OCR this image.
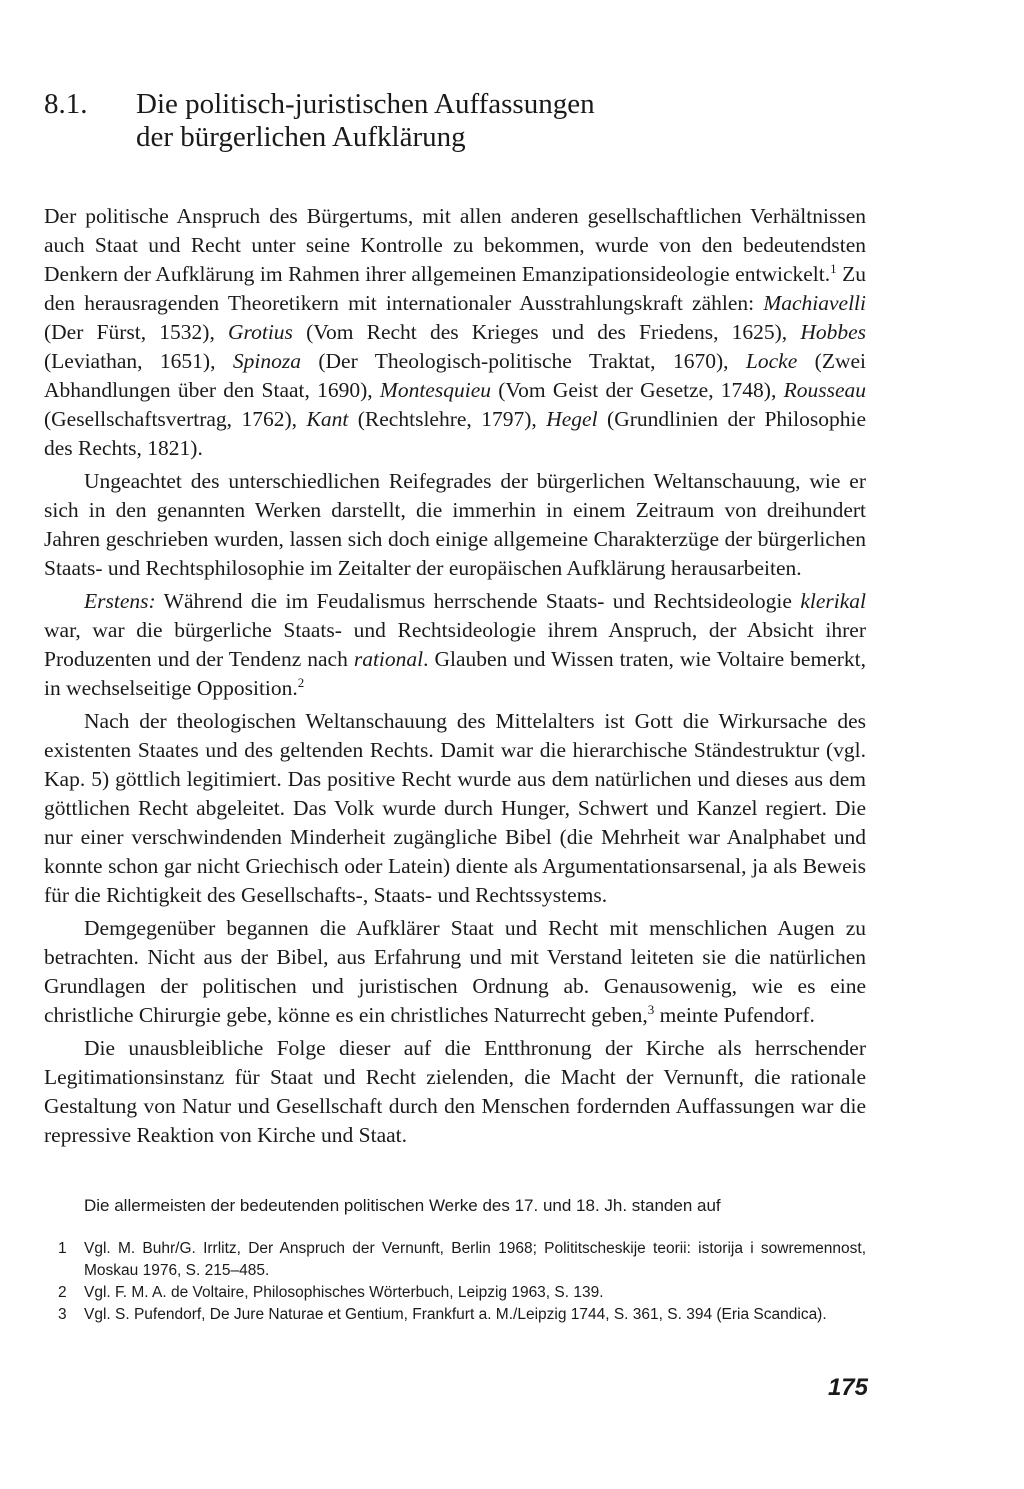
8.1.	Die politisch-juristischen Auffassungen
der bürgerlichen Aufklärung

Der politische Anspruch des Bürgertums, mit allen anderen gesellschaftlichen Verhältnissen auch Staat und Recht unter seine Kontrolle zu bekommen, wurde von den bedeutendsten Denkern der Aufklärung im Rahmen ihrer allgemeinen Emanzipationsideologie entwickelt.$^1$ Zu den herausragenden Theoretikern mit internationaler Ausstrahlungskraft zählen: Machiavelli (Der Fürst, 1532), Grotius (Vom Recht des Krieges und des Friedens, 1625), Hobbes (Leviathan, 1651), Spinoza (Der Theologisch-politische Traktat, 1670), Locke (Zwei Abhandlungen über den Staat, 1690), Montesquieu (Vom Geist der Gesetze, 1748), Rousseau (Gesellschaftsvertrag, 1762), Kant (Rechtslehre, 1797), Hegel (Grundlinien der Philosophie des Rechts, 1821).

Ungeachtet des unterschiedlichen Reifegrades der bürgerlichen Weltanschauung, wie er sich in den genannten Werken darstellt, die immerhin in einem Zeitraum von dreihundert Jahren geschrieben wurden, lassen sich doch einige allgemeine Charakterzüge der bürgerlichen Staats- und Rechtsphilosophie im Zeitalter der europäischen Aufklärung herausarbeiten.

Erstens: Während die im Feudalismus herrschende Staats- und Rechtsideologie klerikal war, war die bürgerliche Staats- und Rechtsideologie ihrem Anspruch, der Absicht ihrer Produzenten und der Tendenz nach rational. Glauben und Wissen traten, wie Voltaire bemerkt, in wechselseitige Opposition.$^2$

Nach der theologischen Weltanschauung des Mittelalters ist Gott die Wirkursache des existenten Staates und des geltenden Rechts. Damit war die hierarchische Ständestruktur (vgl. Kap. 5) göttlich legitimiert. Das positive Recht wurde aus dem natürlichen und dieses aus dem göttlichen Recht abgeleitet. Das Volk wurde durch Hunger, Schwert und Kanzel regiert. Die nur einer verschwindenden Minderheit zugängliche Bibel (die Mehrheit war Analphabet und konnte schon gar nicht Griechisch oder Latein) diente als Argumentationsarsenal, ja als Beweis für die Richtigkeit des Gesellschafts-, Staats- und Rechtssystems.

Demgegenüber begannen die Aufklärer Staat und Recht mit menschlichen Augen zu betrachten. Nicht aus der Bibel, aus Erfahrung und mit Verstand leiteten sie die natürlichen Grundlagen der politischen und juristischen Ordnung ab. Genausowenig, wie es eine christliche Chirurgie gebe, könne es ein christliches Naturrecht geben,$^3$ meinte Pufendorf.

Die unausbleibliche Folge dieser auf die Entthronung der Kirche als herrschender Legitimationsinstanz für Staat und Recht zielenden, die Macht der Vernunft, die rationale Gestaltung von Natur und Gesellschaft durch den Menschen fordernden Auffassungen war die repressive Reaktion von Kirche und Staat.

Die allermeisten der bedeutenden politischen Werke des 17. und 18. Jh. standen auf
1	Vgl. M. Buhr/G. Irrlitz, Der Anspruch der Vernunft, Berlin 1968; Polititscheskije teorii: istorija i sowremennost, Moskau 1976, S. 215–485.
2	Vgl. F. M. A. de Voltaire, Philosophisches Wörterbuch, Leipzig 1963, S. 139.
3	Vgl. S. Pufendorf, De Jure Naturae et Gentium, Frankfurt a. M./Leipzig 1744, S. 361, S. 394 (Eria Scandica).
175
